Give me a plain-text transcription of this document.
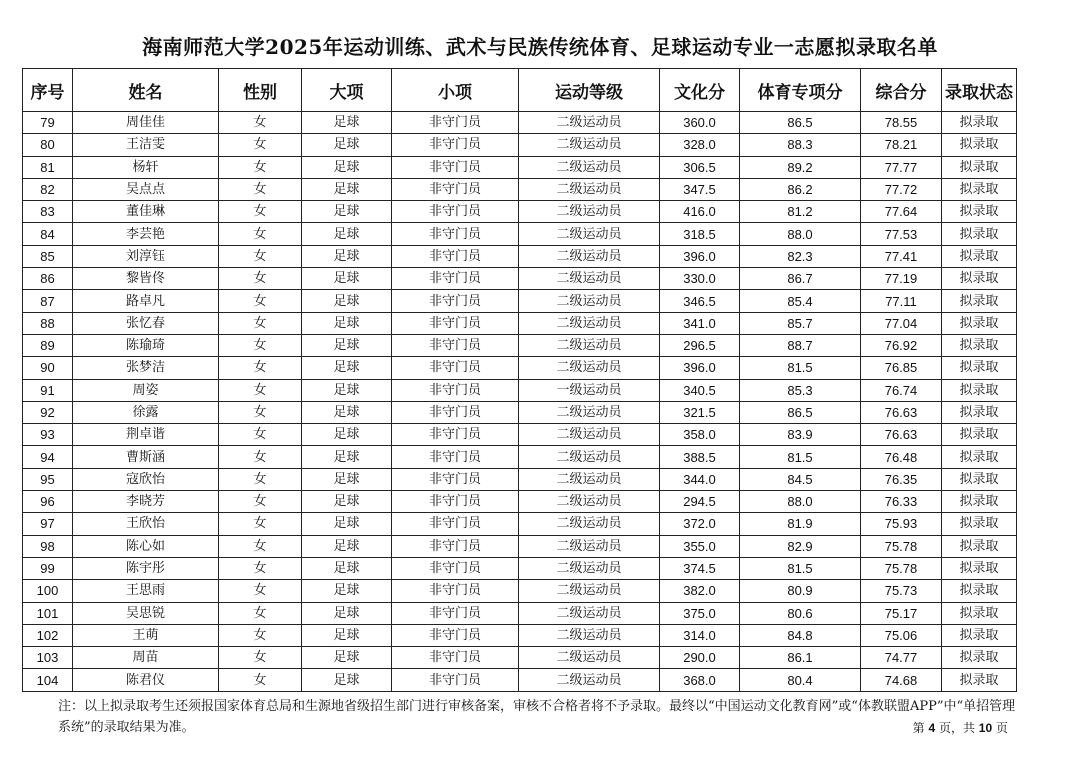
海南师范大学2025年运动训练、武术与民族传统体育、足球运动专业一志愿拟录取名单
序号	姓名	性别	大项	小项	运动等级	文化分	体育专项分	综合分	录取状态
79	周佳佳	女	足球	非守门员	二级运动员	360.0	86.5	78.55	拟录取
80	王洁雯	女	足球	非守门员	二级运动员	328.0	88.3	78.21	拟录取
81	杨轩	女	足球	非守门员	二级运动员	306.5	89.2	77.77	拟录取
82	吴点点	女	足球	非守门员	二级运动员	347.5	86.2	77.72	拟录取
83	董佳琳	女	足球	非守门员	二级运动员	416.0	81.2	77.64	拟录取
84	李芸艳	女	足球	非守门员	二级运动员	318.5	88.0	77.53	拟录取
85	刘淳钰	女	足球	非守门员	二级运动员	396.0	82.3	77.41	拟录取
86	黎皆佟	女	足球	非守门员	二级运动员	330.0	86.7	77.19	拟录取
87	路卓凡	女	足球	非守门员	二级运动员	346.5	85.4	77.11	拟录取
88	张忆春	女	足球	非守门员	二级运动员	341.0	85.7	77.04	拟录取
89	陈瑜琦	女	足球	非守门员	二级运动员	296.5	88.7	76.92	拟录取
90	张梦洁	女	足球	非守门员	二级运动员	396.0	81.5	76.85	拟录取
91	周姿	女	足球	非守门员	一级运动员	340.5	85.3	76.74	拟录取
92	徐露	女	足球	非守门员	二级运动员	321.5	86.5	76.63	拟录取
93	荆卓谐	女	足球	非守门员	二级运动员	358.0	83.9	76.63	拟录取
94	曹斯涵	女	足球	非守门员	二级运动员	388.5	81.5	76.48	拟录取
95	寇欣怡	女	足球	非守门员	二级运动员	344.0	84.5	76.35	拟录取
96	李晓芳	女	足球	非守门员	二级运动员	294.5	88.0	76.33	拟录取
97	王欣怡	女	足球	非守门员	二级运动员	372.0	81.9	75.93	拟录取
98	陈心如	女	足球	非守门员	二级运动员	355.0	82.9	75.78	拟录取
99	陈宇彤	女	足球	非守门员	二级运动员	374.5	81.5	75.78	拟录取
100	王思雨	女	足球	非守门员	二级运动员	382.0	80.9	75.73	拟录取
101	吴思锐	女	足球	非守门员	二级运动员	375.0	80.6	75.17	拟录取
102	王萌	女	足球	非守门员	二级运动员	314.0	84.8	75.06	拟录取
103	周苗	女	足球	非守门员	二级运动员	290.0	86.1	74.77	拟录取
104	陈君仪	女	足球	非守门员	二级运动员	368.0	80.4	74.68	拟录取
注：以上拟录取考生还须报国家体育总局和生源地省级招生部门进行审核备案，审核不合格者将不予录取。最终以“中国运动文化教育网”或“体教联盟APP”中“单招管理系统”的录取结果为准。	第 4 页，共 10 页
